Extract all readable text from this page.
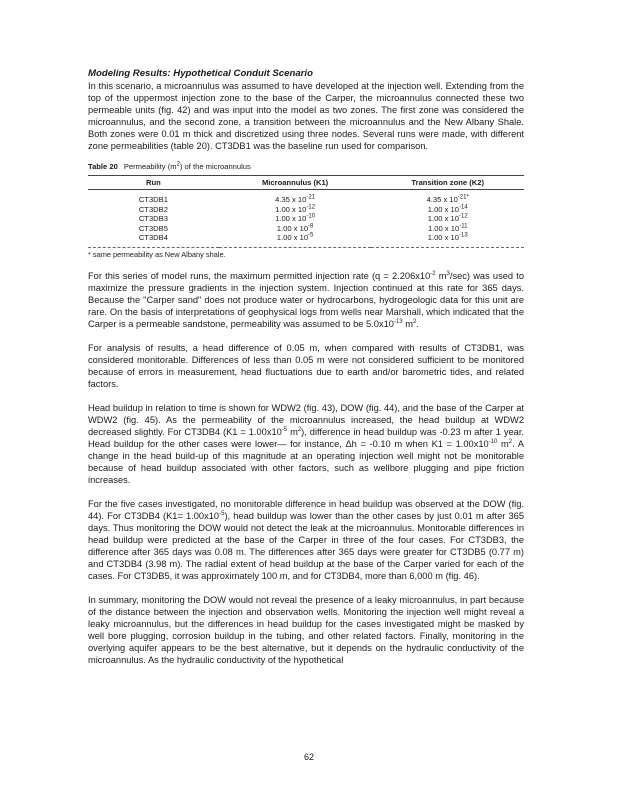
Modeling Results: Hypothetical Conduit Scenario

In this scenario, a microannulus was assumed to have developed at the injection well. Extending from the top of the uppermost injection zone to the base of the Carper, the microannulus connected these two permeable units (fig. 42) and was input into the model as two zones. The first zone was considered the microannulus, and the second zone, a transition between the microannulus and the New Albany Shale. Both zones were 0.01 m thick and discretized using three nodes. Several runs were made, with different zone permeabilities (table 20). CT3DB1 was the baseline run used for comparison.

Table 20 Permeability $(m^2)$ of the microannulus
Run	Microannulus (K1)	Transition zone (K2)
CT3DB1	4.35 x $10^{-21}$	4.35 x $10^{-21*}$
CT3DB2	1.00 x $10^{-12}$	1.00 x $10^{-14}$
CT3DB3	1.00 x $10^{-10}$	1.00 x $10^{-12}$
CT3DB5	1.00 x $10^{-8}$	1.00 x $10^{-11}$
CT3DB4	1.00 x $10^{-5}$	1.00 x $10^{-13}$
* same permeability as New Albany shale.

For this series of model runs, the maximum permitted injection rate ($q = 2.206x10^{-2}$ $m^3/\sec$) was used to maximize the pressure gradients in the injection system. Injection continued at this rate for 365 days. Because the "Carper sand" does not produce water or hydrocarbons, hydrogeologic data for this unit are rare. On the basis of interpretations of geophysical logs from wells near Marshall, which indicated that the Carper is a permeable sandstone, permeability was assumed to be $5.0x10^{-13}$ $m^2$.

For analysis of results, a head difference of 0.05 m, when compared with results of CT3DB1, was considered monitorable. Differences of less than 0.05 m were not considered sufficient to be monitored because of errors in measurement, head fluctuations due to earth and/or barometric tides, and related factors.

Head buildup in relation to time is shown for WDW2 (fig. 43), DOW (fig. 44), and the base of the Carper at WDW2 (fig. 45). As the permeability of the microannulus increased, the head buildup at WDW2 decreased slightly. For CT3DB4 ($K1 = 1.00x10^{-5}$ $m^2$), difference in head buildup was -0.23 m after 1 year. Head buildup for the other cases were lower— for instance, Δh = -0.10 m when $K1 = 1.00x10^{-10}$ $m^2$. A change in the head build-up of this magnitude at an operating injection well might not be monitorable because of head buildup associated with other factors, such as wellbore plugging and pipe friction increases.

For the five cases investigated, no monitorable difference in head buildup was observed at the DOW (fig. 44). For CT3DB4 $(K1= 1.00x10^{-5})$, head buildup was lower than the other cases by just 0.01 m after 365 days. Thus monitoring the DOW would not detect the leak at the microannulus. Monitorable differences in head buildup were predicted at the base of the Carper in three of the four cases. For CT3DB3, the difference after 365 days was 0.08 m. The differences after 365 days were greater for CT3DB5 (0.77 m) and CT3DB4 (3.98 m). The radial extent of head buildup at the base of the Carper varied for each of the cases. For CT3DB5, it was approximately 100 m, and for CT3DB4, more than 6,000 m (fig. 46).

In summary, monitoring the DOW would not reveal the presence of a leaky microannulus, in part because of the distance between the injection and observation wells. Monitoring the injection well might reveal a leaky microannulus, but the differences in head buildup for the cases investigated might be masked by well bore plugging, corrosion buildup in the tubing, and other related factors. Finally, monitoring in the overlying aquifer appears to be the best alternative, but it depends on the hydraulic conductivity of the microannulus. As the hydraulic conductivity of the hypothetical

62
